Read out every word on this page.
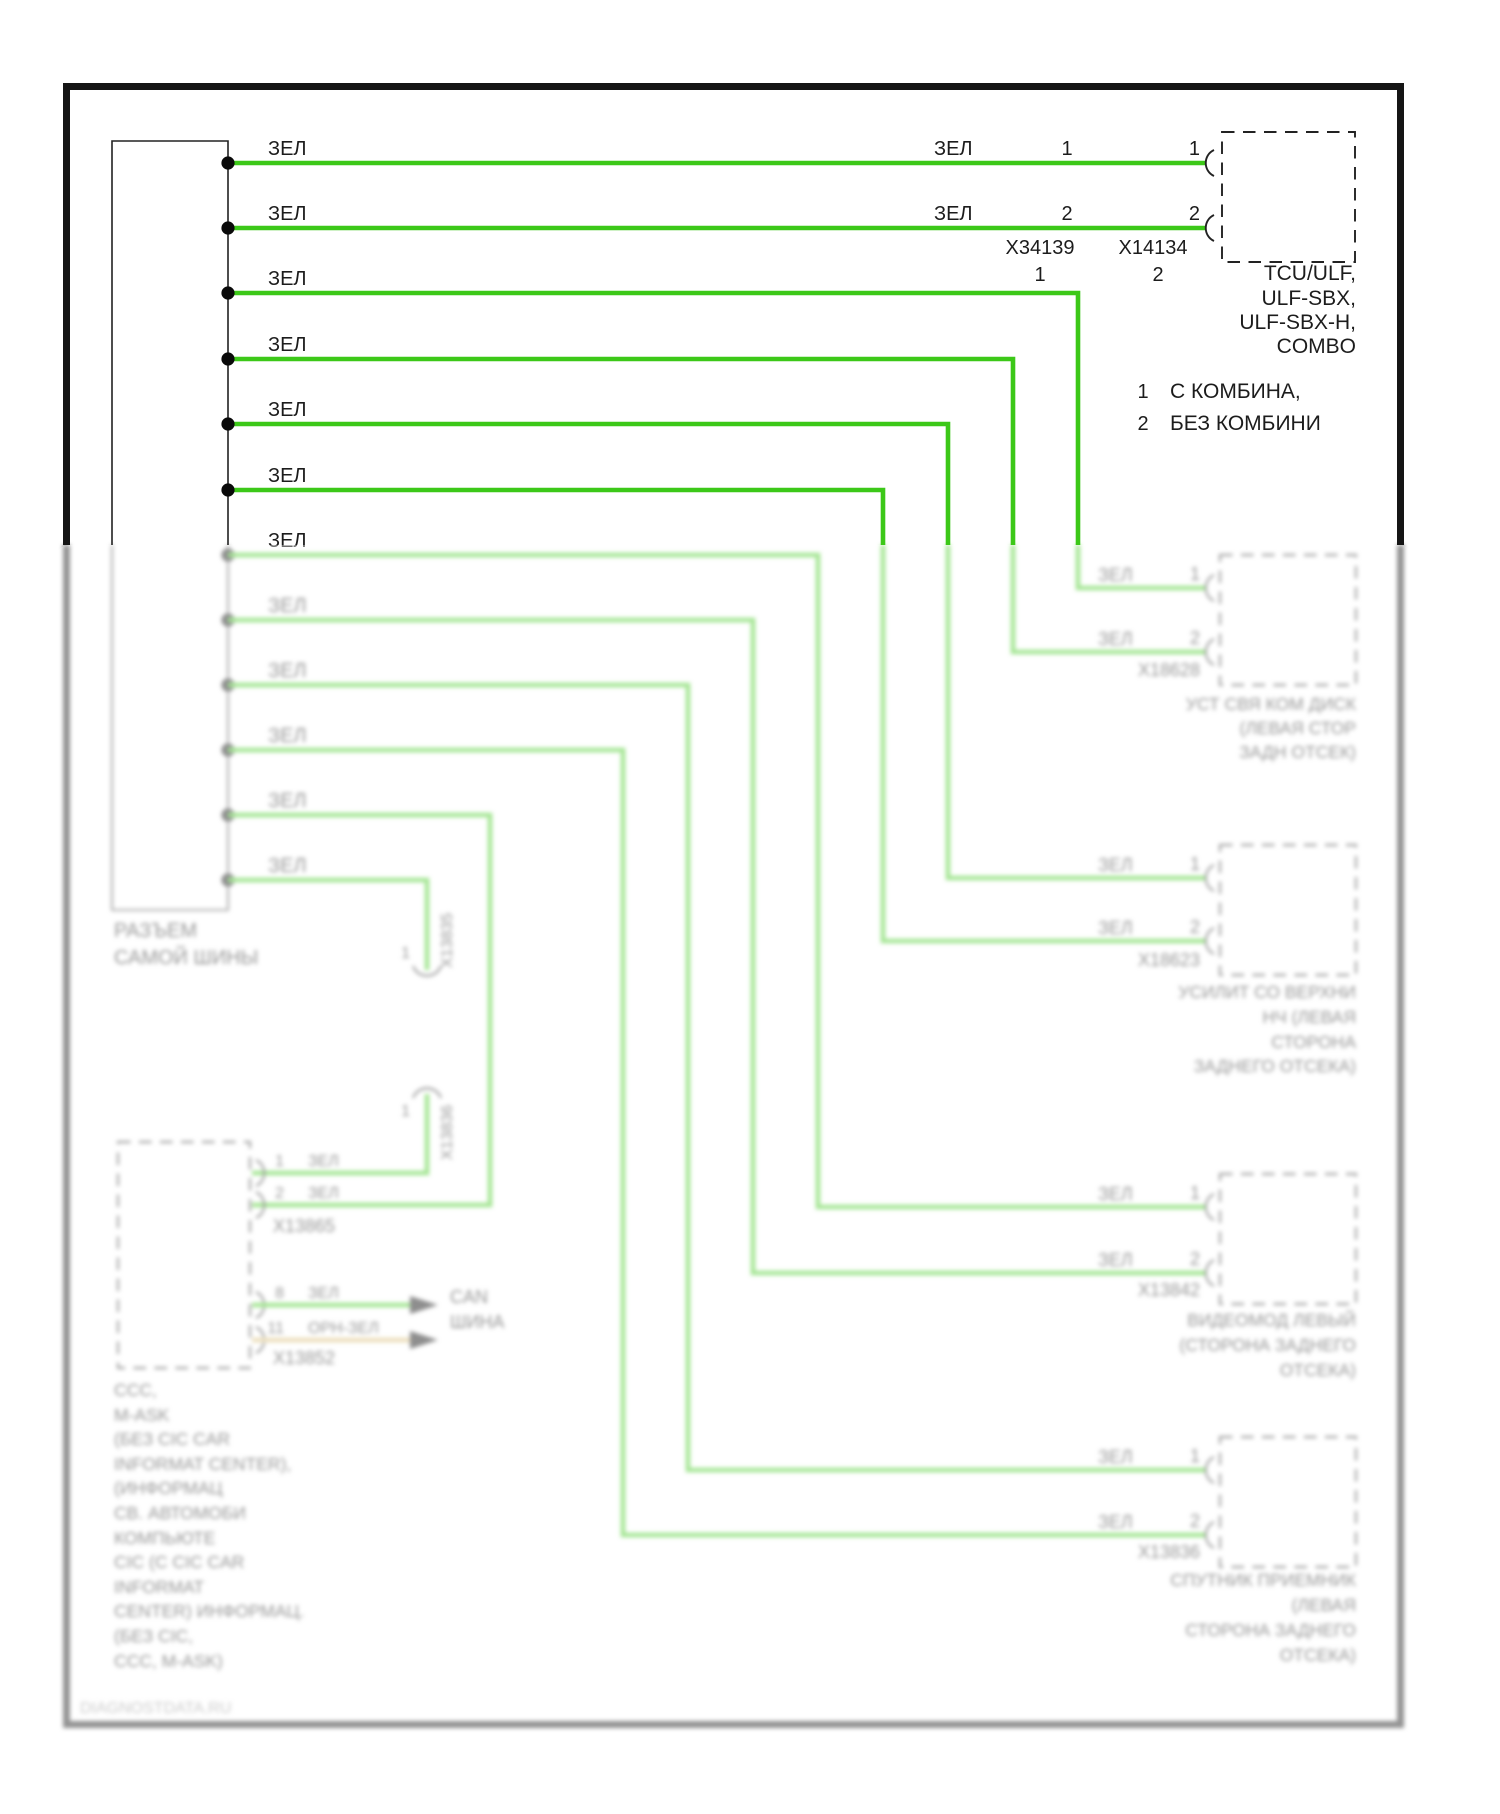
ЗЕЛ
ЗЕЛ
ЗЕЛ
ЗЕЛ
ЗЕЛ
ЗЕЛ
ЗЕЛ
ЗЕЛ	1	1
ЗЕЛ	2	2
X34139
1
X14134
2	TCU/ULF,
ULF-SBX,
ULF-SBX-H,
COMBO
1 С КОМБИНА,
2 БЕЗ КОМБИНИ
РАЗЪЕМ
САМОЙ ШИНЫ
ЗЕЛ
ЗЕЛ
ЗЕЛ
ЗЕЛ
ЗЕЛ
1 X13835
1 X13836
ЗЕЛ	1
ЗЕЛ	2
X18628
УСТ СВЯ КОМ ДИСК
(ЛЕВАЯ СТОР
ЗАДН ОТСЕК)
ЗЕЛ	1
ЗЕЛ	2
X18623
УСИЛИТ СО ВЕРХНИ
НЧ (ЛЕВАЯ
СТОРОНА
ЗАДНЕГО ОТСЕКА)
ЗЕЛ	1
ЗЕЛ	2
X13842
ВИДЕОМОД ЛЕВЫЙ
(СТОРОНА ЗАДНЕГО
ОТСЕКА)
ЗЕЛ	1
ЗЕЛ	2
X13836
СПУТНИК ПРИЕМНИК
(ЛЕВАЯ
СТОРОНА ЗАДНЕГО
ОТСЕКА)
1 ЗЕЛ
2 ЗЕЛ
X13865
8 ЗЕЛ
11 ОРН-ЗЕЛ
X13852
CAN
ШИНА
ССС,
M-ASK
(БЕЗ CIC CAR
INFORMAT CENTER),
(ИНФОРМАЦ
СВ. АВТОМОБИ
КОМПЬЮТЕ
CIC (С CIC CAR
INFORMAT
CENTER) ИНФОРМАЦ.
(БЕЗ CIC,
ССС, M-ASK)
DIAGNOSTDATA.RU
